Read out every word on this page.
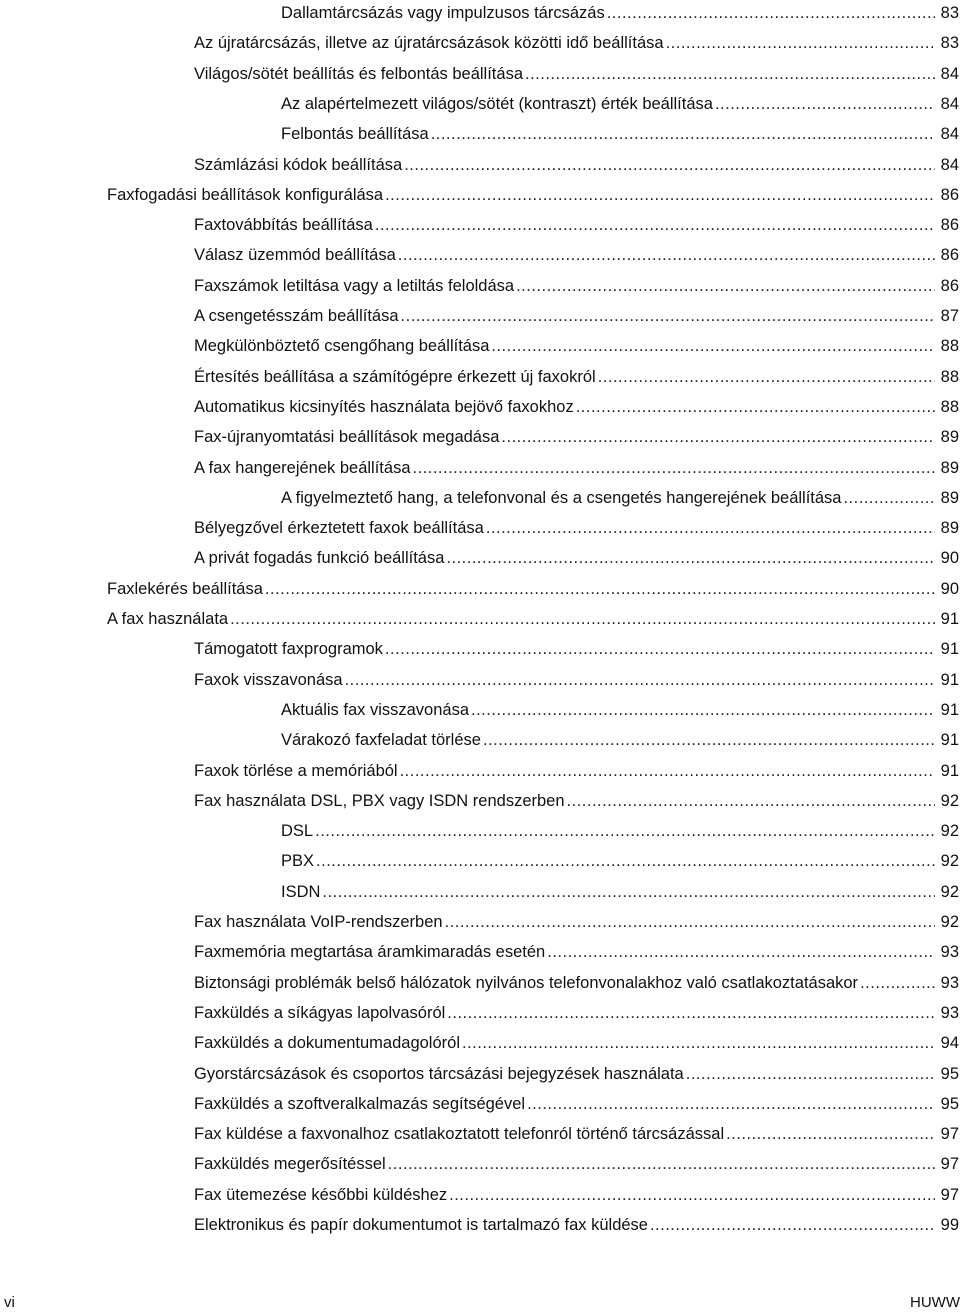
Dallamtárcsázás vagy impulzusos tárcsázás .....	83
Az újratárcsázás, illetve az újratárcsázások közötti idő beállítása .....	83
Világos/sötét beállítás és felbontás beállítása .....	84
Az alapértelmezett világos/sötét (kontraszt) érték beállítása .....	84
Felbontás beállítása .....	84
Számlázási kódok beállítása .....	84
Faxfogadási beállítások konfigurálása .....	86
Faxtovábbítás beállítása .....	86
Válasz üzemmód beállítása .....	86
Faxszámok letiltása vagy a letiltás feloldása .....	86
A csengetésszám beállítása .....	87
Megkülönböztető csengőhang beállítása .....	88
Értesítés beállítása a számítógépre érkezett új faxokról .....	88
Automatikus kicsinyítés használata bejövő faxokhoz .....	88
Fax-újranyomtatási beállítások megadása .....	89
A fax hangerejének beállítása .....	89
A figyelmeztető hang, a telefonvonal és a csengetés hangerejének beállítása .....	89
Bélyegzővel érkeztetett faxok beállítása .....	89
A privát fogadás funkció beállítása .....	90
Faxlekérés beállítása .....	90
A fax használata .....	91
Támogatott faxprogramok .....	91
Faxok visszavonása .....	91
Aktuális fax visszavonása .....	91
Várakozó faxfeladat törlése .....	91
Faxok törlése a memóriából .....	91
Fax használata DSL, PBX vagy ISDN rendszerben .....	92
DSL .....	92
PBX .....	92
ISDN .....	92
Fax használata VoIP-rendszerben .....	92
Faxmemória megtartása áramkimaradás esetén .....	93
Biztonsági problémák belső hálózatok nyilvános telefonvonalakhoz való csatlakoztatásakor .....	93
Faxküldés a síkágyas lapolvasóról .....	93
Faxküldés a dokumentumadagolóról .....	94
Gyorstárcsázások és csoportos tárcsázási bejegyzések használata .....	95
Faxküldés a szoftveralkalmazás segítségével .....	95
Fax küldése a faxvonalhoz csatlakoztatott telefonról történő tárcsázással .....	97
Faxküldés megerősítéssel .....	97
Fax ütemezése későbbi küldéshez .....	97
Elektronikus és papír dokumentumot is tartalmazó fax küldése .....	99
vi	HUWW
